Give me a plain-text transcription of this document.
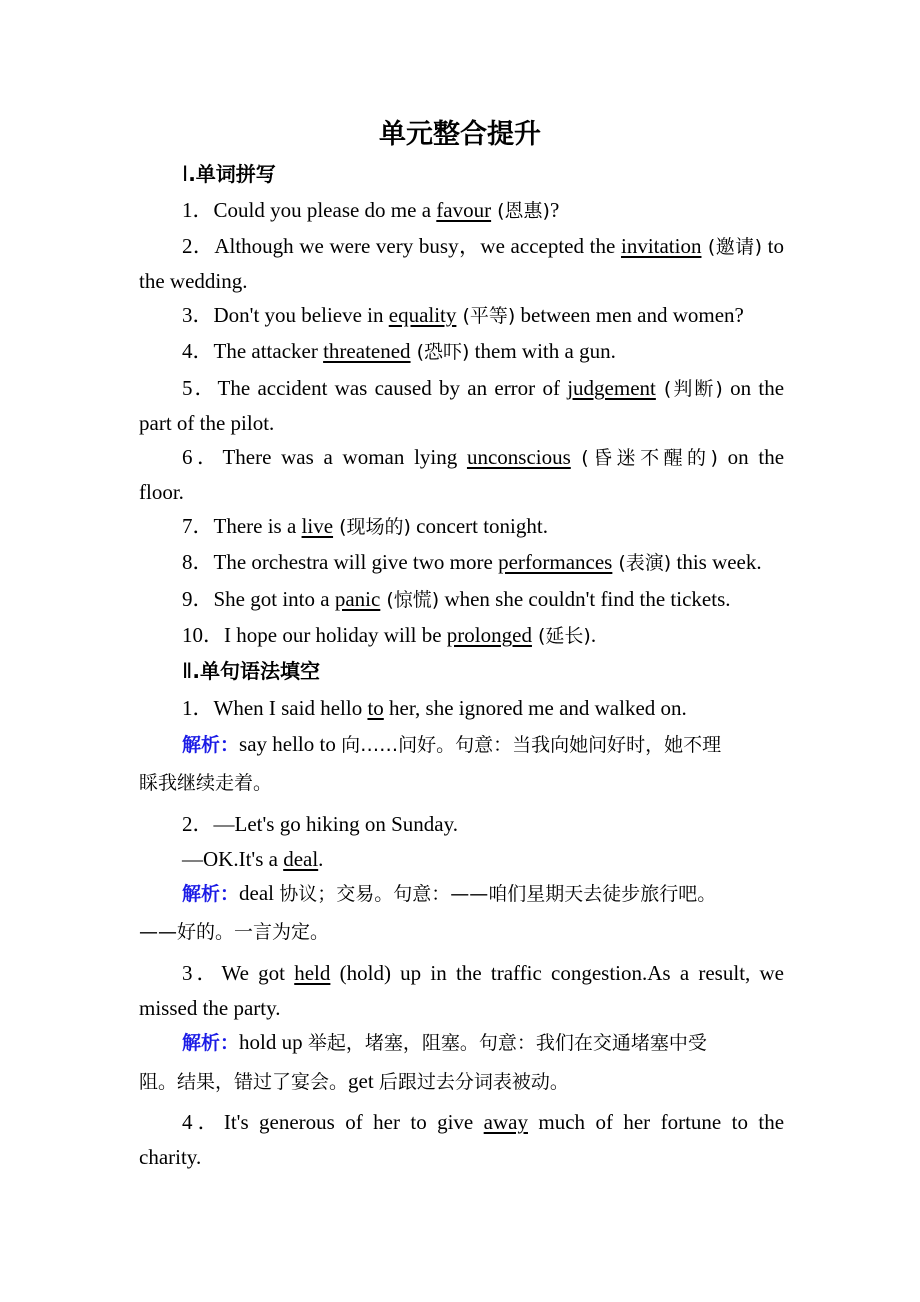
单元整合提升
Ⅰ.单词拼写
1．Could you please do me a favour (恩惠)?
2．Although we were very busy，we accepted the invitation (邀请) to
the wedding.
3．Don't you believe in equality (平等) between men and women?
4．The attacker threatened (恐吓) them with a gun.
5．The accident was caused by an error of judgement (判断) on the
part of the pilot.
6．There was a woman lying unconscious (昏迷不醒的) on the
floor.
7．There is a live (现场的) concert tonight.
8．The orchestra will give two more performances (表演) this week.
9．She got into a panic (惊慌) when she couldn't find the tickets.
10．I hope our holiday will be prolonged (延长).
Ⅱ.单句语法填空
1．When I said hello to her, she ignored me and walked on.
解析：say hello to 向……问好。句意：当我向她问好时，她不理
睬我继续走着。
2．—Let's go hiking on Sunday.
—OK.It's a deal.
解析：deal 协议；交易。句意：——咱们星期天去徒步旅行吧。
——好的。一言为定。
3．We got held (hold) up in the traffic congestion.As a result, we
missed the party.
解析：hold up 举起，堵塞，阻塞。句意：我们在交通堵塞中受
阻。结果，错过了宴会。get 后跟过去分词表被动。
4．It's generous of her to give away much of her fortune to the
charity.
